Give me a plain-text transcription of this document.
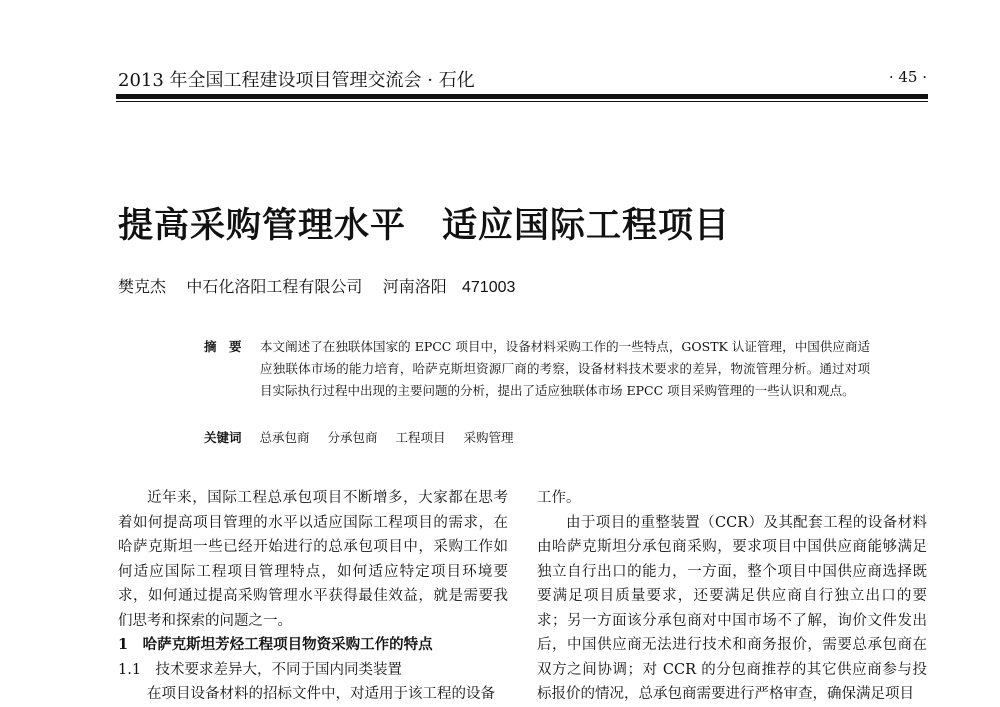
2013 年全国工程建设项目管理交流会 · 石化	· 45 ·
提高采购管理水平　适应国际工程项目
樊克杰 中石化洛阳工程有限公司 河南洛阳 471003
摘　要 本文阐述了在独联体国家的 EPCC 项目中，设备材料采购工作的一些特点，GOSTK 认证管理，中国供应商适应独联体市场的能力培育，哈萨克斯坦资源厂商的考察，设备材料技术要求的差异，物流管理分析。通过对项目实际执行过程中出现的主要问题的分析，提出了适应独联体市场 EPCC 项目采购管理的一些认识和观点。
关键词 总承包商 分承包商 工程项目 采购管理

近年来，国际工程总承包项目不断增多，大家都在思考着如何提高项目管理的水平以适应国际工程项目的需求，在哈萨克斯坦一些已经开始进行的总承包项目中，采购工作如何适应国际工程项目管理特点，如何适应特定项目环境要求，如何通过提高采购管理水平获得最佳效益，就是需要我们思考和探索的问题之一。

1　哈萨克斯坦芳烃工程项目物资采购工作的特点
1.1　技术要求差异大，不同于国内同类装置

在项目设备材料的招标文件中，对适用于该工程的设备

工作。

由于项目的重整装置（CCR）及其配套工程的设备材料由哈萨克斯坦分承包商采购，要求项目中国供应商能够满足独立自行出口的能力，一方面，整个项目中国供应商选择既要满足项目质量要求，还要满足供应商自行独立出口的要求；另一方面该分承包商对中国市场不了解，询价文件发出后，中国供应商无法进行技术和商务报价，需要总承包商在双方之间协调；对 CCR 的分包商推荐的其它供应商参与投标报价的情况，总承包商需要进行严格审查，确保满足项目
